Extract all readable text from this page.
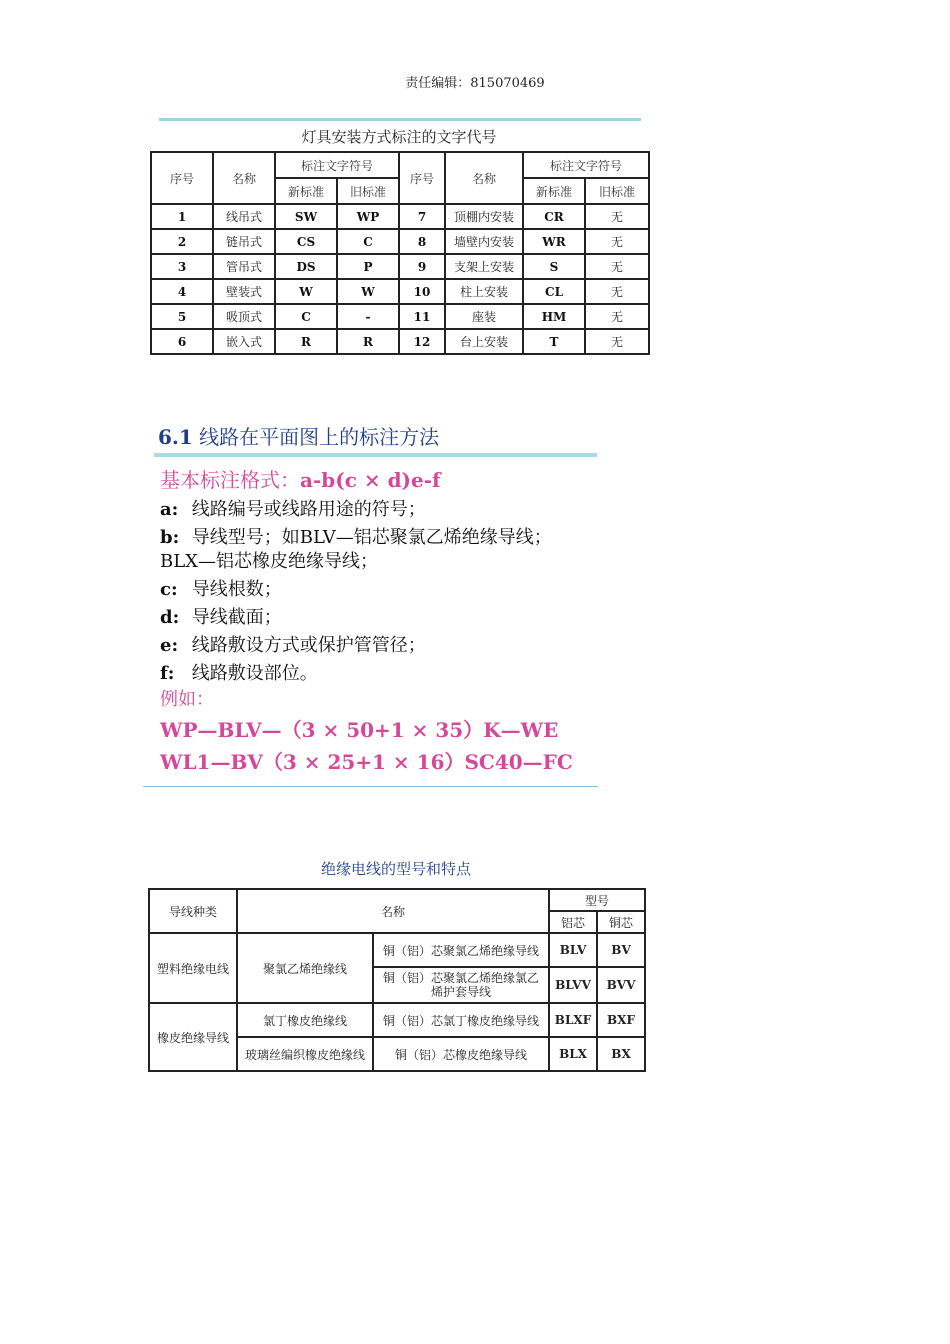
责任编辑：815070469
灯具安装方式标注的文字代号
序号	名称	标注文字符号		序号	名称	标注文字符号	
		新标准	旧标准			新标准	旧标准
1	线吊式	SW	WP	7	顶棚内安装	CR	无
2	链吊式	CS	C	8	墙壁内安装	WR	无
3	管吊式	DS	P	9	支架上安装	S	无
4	壁装式	W	W	10	柱上安装	CL	无
5	吸顶式	C	-	11	座装	HM	无
6	嵌入式	R	R	12	台上安装	T	无
6.1 线路在平面图上的标注方法
基本标注格式：a-b(c × d)e-f
a: 线路编号或线路用途的符号；
b: 导线型号；如BLV—铝芯聚氯乙烯绝缘导线；
BLX—铝芯橡皮绝缘导线；
c: 导线根数；
d: 导线截面；
e: 线路敷设方式或保护管管径；
f: 线路敷设部位。
例如：
WP—BLV—（3 × 50+1 × 35）K—WE
WL1—BV（3 × 25+1 × 16）SC40—FC
绝缘电线的型号和特点
导线种类	名称		型号	
			铝芯	铜芯
塑料绝缘电线	聚氯乙烯绝缘线	铜（铝）芯聚氯乙烯绝缘导线	BLV	BV
		铜（铝）芯聚氯乙烯绝缘氯乙烯护套导线	BLVV	BVV
橡皮绝缘导线	氯丁橡皮绝缘线	铜（铝）芯氯丁橡皮绝缘导线	BLXF	BXF
	玻璃丝编织橡皮绝缘线	铜（铝）芯橡皮绝缘导线	BLX	BX
